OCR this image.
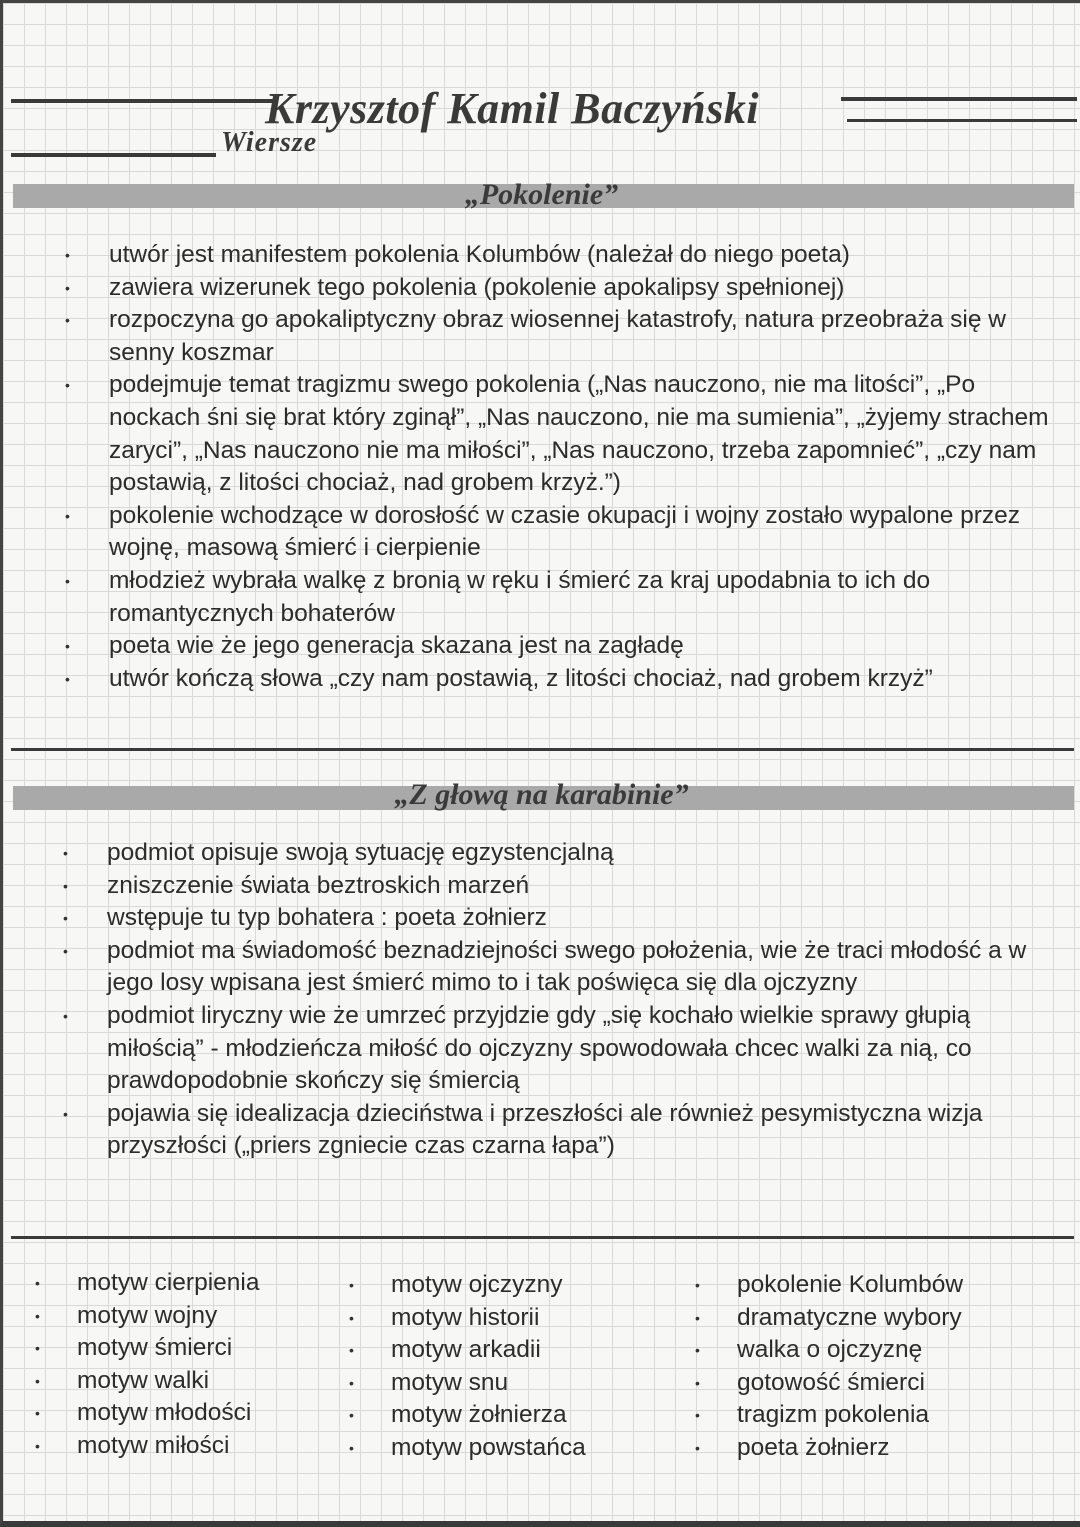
Krzysztof Kamil Baczyński
Wiersze
„Pokolenie”
• utwór jest manifestem pokolenia Kolumbów (należał do niego poeta)
• zawiera wizerunek tego pokolenia (pokolenie apokalipsy spełnionej)
• rozpoczyna go apokaliptyczny obraz wiosennej katastrofy, natura przeobraża się w senny koszmar
• podejmuje temat tragizmu swego pokolenia („Nas nauczono, nie ma litości”, „Po nockach śni się brat który zginął”, „Nas nauczono, nie ma sumienia”, „żyjemy strachem zaryci”, „Nas nauczono nie ma miłości”, „Nas nauczono, trzeba zapomnieć”, „czy nam postawią, z litości chociaż, nad grobem krzyż.”)
• pokolenie wchodzące w dorosłość w czasie okupacji i wojny zostało wypalone przez wojnę, masową śmierć i cierpienie
• młodzież wybrała walkę z bronią w ręku i śmierć za kraj upodabnia to ich do romantycznych bohaterów
• poeta wie że jego generacja skazana jest na zagładę
• utwór kończą słowa „czy nam postawią, z litości chociaż, nad grobem krzyż”
„Z głową na karabinie”
• podmiot opisuje swoją sytuację egzystencjalną
• zniszczenie świata beztroskich marzeń
• wstępuje tu typ bohatera : poeta żołnierz
• podmiot ma świadomość beznadziejności swego położenia, wie że traci młodość a w jego losy wpisana jest śmierć mimo to i tak poświęca się dla ojczyzny
• podmiot liryczny wie że umrzeć przyjdzie gdy „się kochało wielkie sprawy głupią miłością” - młodzieńcza miłość do ojczyzny spowodowała chcec walki za nią, co prawdopodobnie skończy się śmiercią
• pojawia się idealizacja dzieciństwa i przeszłości ale również pesymistyczna wizja przyszłości („priers zgniecie czas czarna łapa”)
• motyw cierpienia
• motyw wojny
• motyw śmierci
• motyw walki
• motyw młodości
• motyw miłości
• motyw ojczyzny
• motyw historii
• motyw arkadii
• motyw snu
• motyw żołnierza
• motyw powstańca
• pokolenie Kolumbów
• dramatyczne wybory
• walka o ojczyznę
• gotowość śmierci
• tragizm pokolenia
• poeta żołnierz
